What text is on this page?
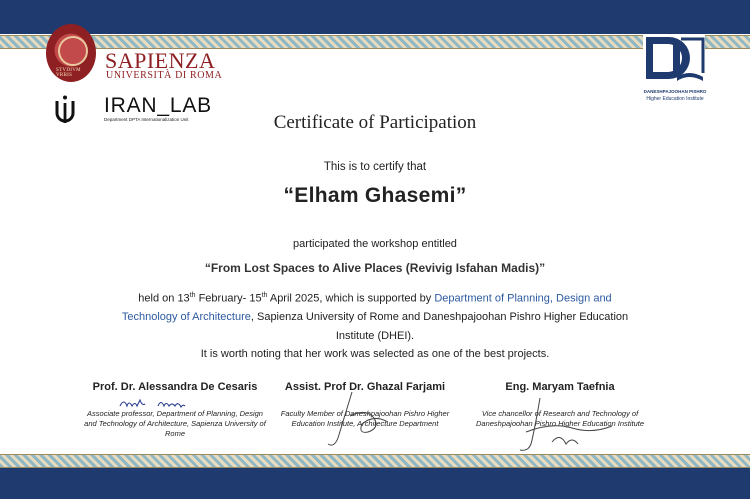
STVDIVM VRBIS
SAPIENZA
UNIVERSITÀ DI ROMA
IRAN_LAB
Department DPTA Internationalization Unit
DANESHPAJOOHAN PISHRO
Higher Education Institute
Certificate of Participation
This is to certify that
“Elham Ghasemi”
participated the workshop entitled
“From Lost Spaces to Alive Places (Revivig Isfahan Madis)”
held on 13th February- 15th April 2025, which is supported by Department of Planning, Design and Technology of Architecture, Sapienza University of Rome and Daneshpajoohan Pishro Higher Education Institute (DHEI).
It is worth noting that her work was selected as one of the best projects.
Prof. Dr. Alessandra De Cesaris
Associate professor, Department of Planning, Design and Technology of Architecture, Sapienza University of Rome
Assist. Prof Dr. Ghazal Farjami
Faculty Member of Daneshpajoohan Pishro Higher Education Institute, Architecture Department
Eng. Maryam Taefnia
Vice chancellor of Research and Technology of Daneshpajoohan Pishro Higher Education Institute
